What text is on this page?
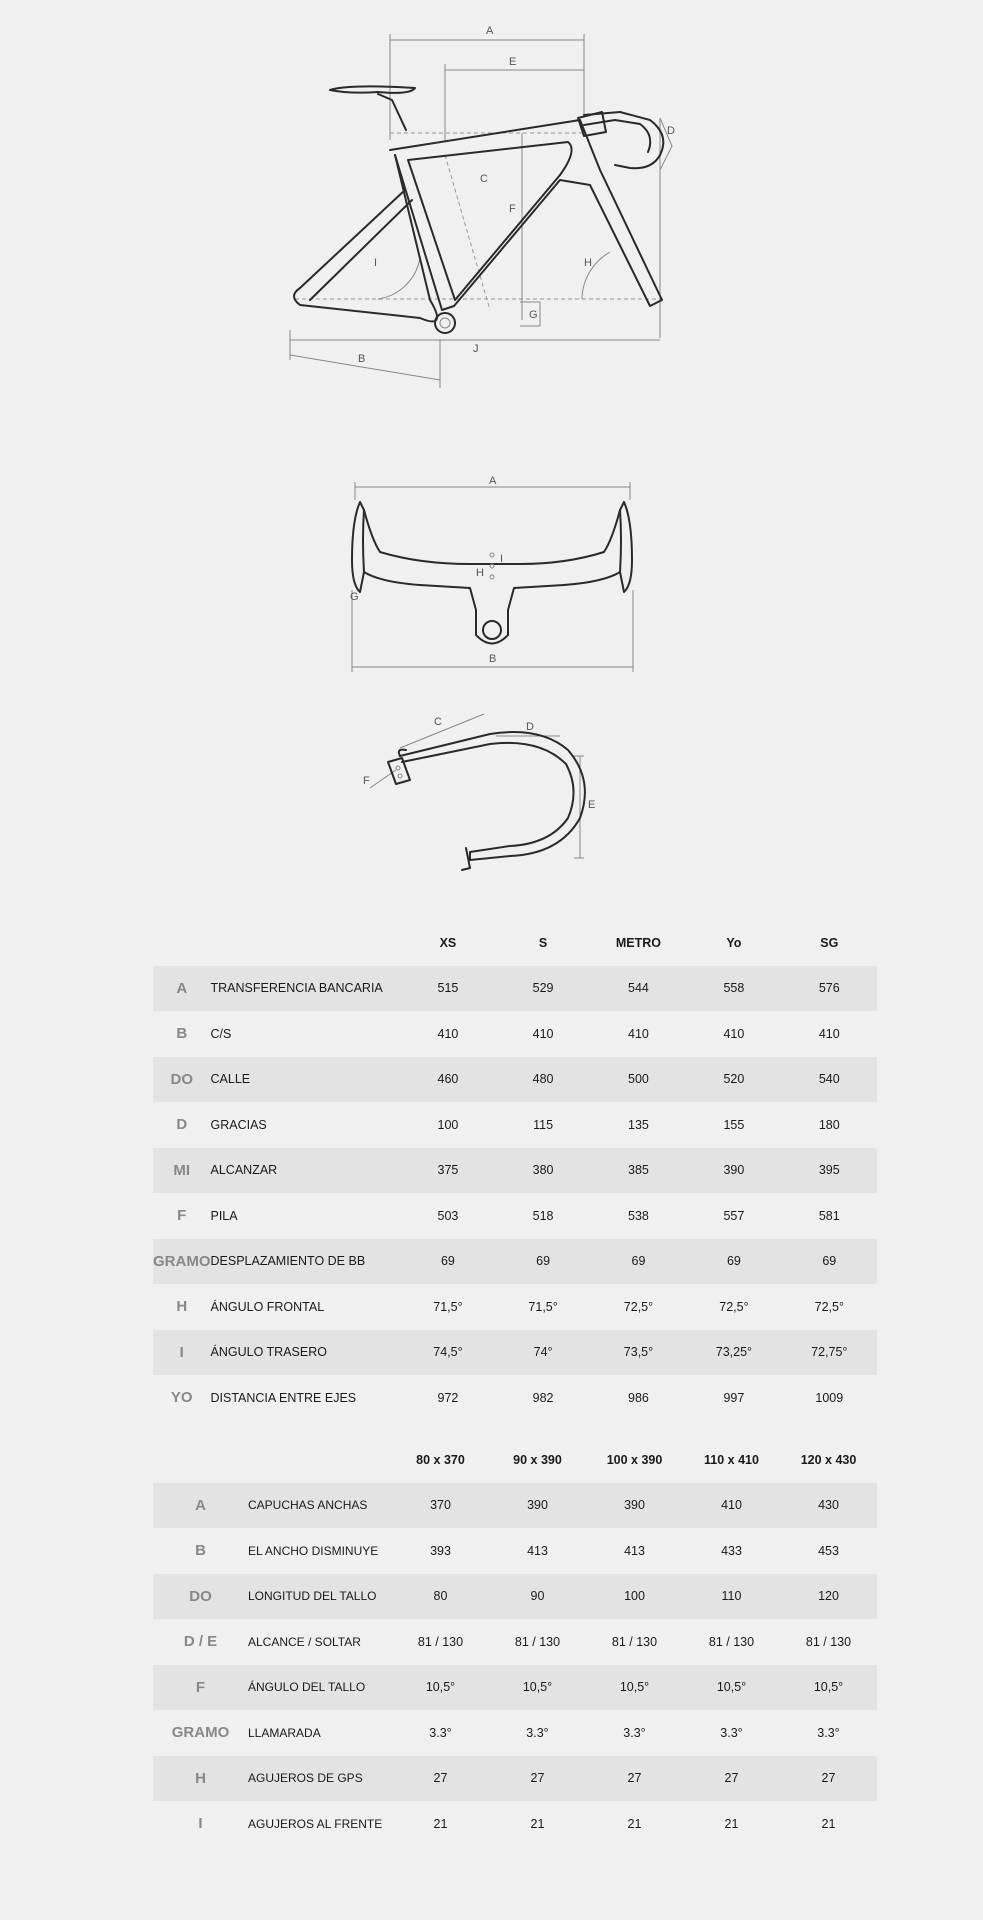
A
E
D
C
F
I	H
G
J
B
A
I
H
G
B
C	D
F
E
		XS	S	METRO	Yo	SG
A	TRANSFERENCIA BANCARIA	515	529	544	558	576
B	C/S	410	410	410	410	410
DO	CALLE	460	480	500	520	540
D	GRACIAS	100	115	135	155	180
MI	ALCANZAR	375	380	385	390	395
F	PILA	503	518	538	557	581
GRAMO	DESPLAZAMIENTO DE BB	69	69	69	69	69
H	ÁNGULO FRONTAL	71,5°	71,5°	72,5°	72,5°	72,5°
I	ÁNGULO TRASERO	74,5°	74°	73,5°	73,25°	72,75°
YO	DISTANCIA ENTRE EJES	972	982	986	997	1009
		80 x 370	90 x 390	100 x 390	110 x 410	120 x 430
A	CAPUCHAS ANCHAS	370	390	390	410	430
B	EL ANCHO DISMINUYE	393	413	413	433	453
DO	LONGITUD DEL TALLO	80	90	100	110	120
D / E	ALCANCE / SOLTAR	81 / 130	81 / 130	81 / 130	81 / 130	81 / 130
F	ÁNGULO DEL TALLO	10,5°	10,5°	10,5°	10,5°	10,5°
GRAMO	LLAMARADA	3.3°	3.3°	3.3°	3.3°	3.3°
H	AGUJEROS DE GPS	27	27	27	27	27
I	AGUJEROS AL FRENTE	21	21	21	21	21
